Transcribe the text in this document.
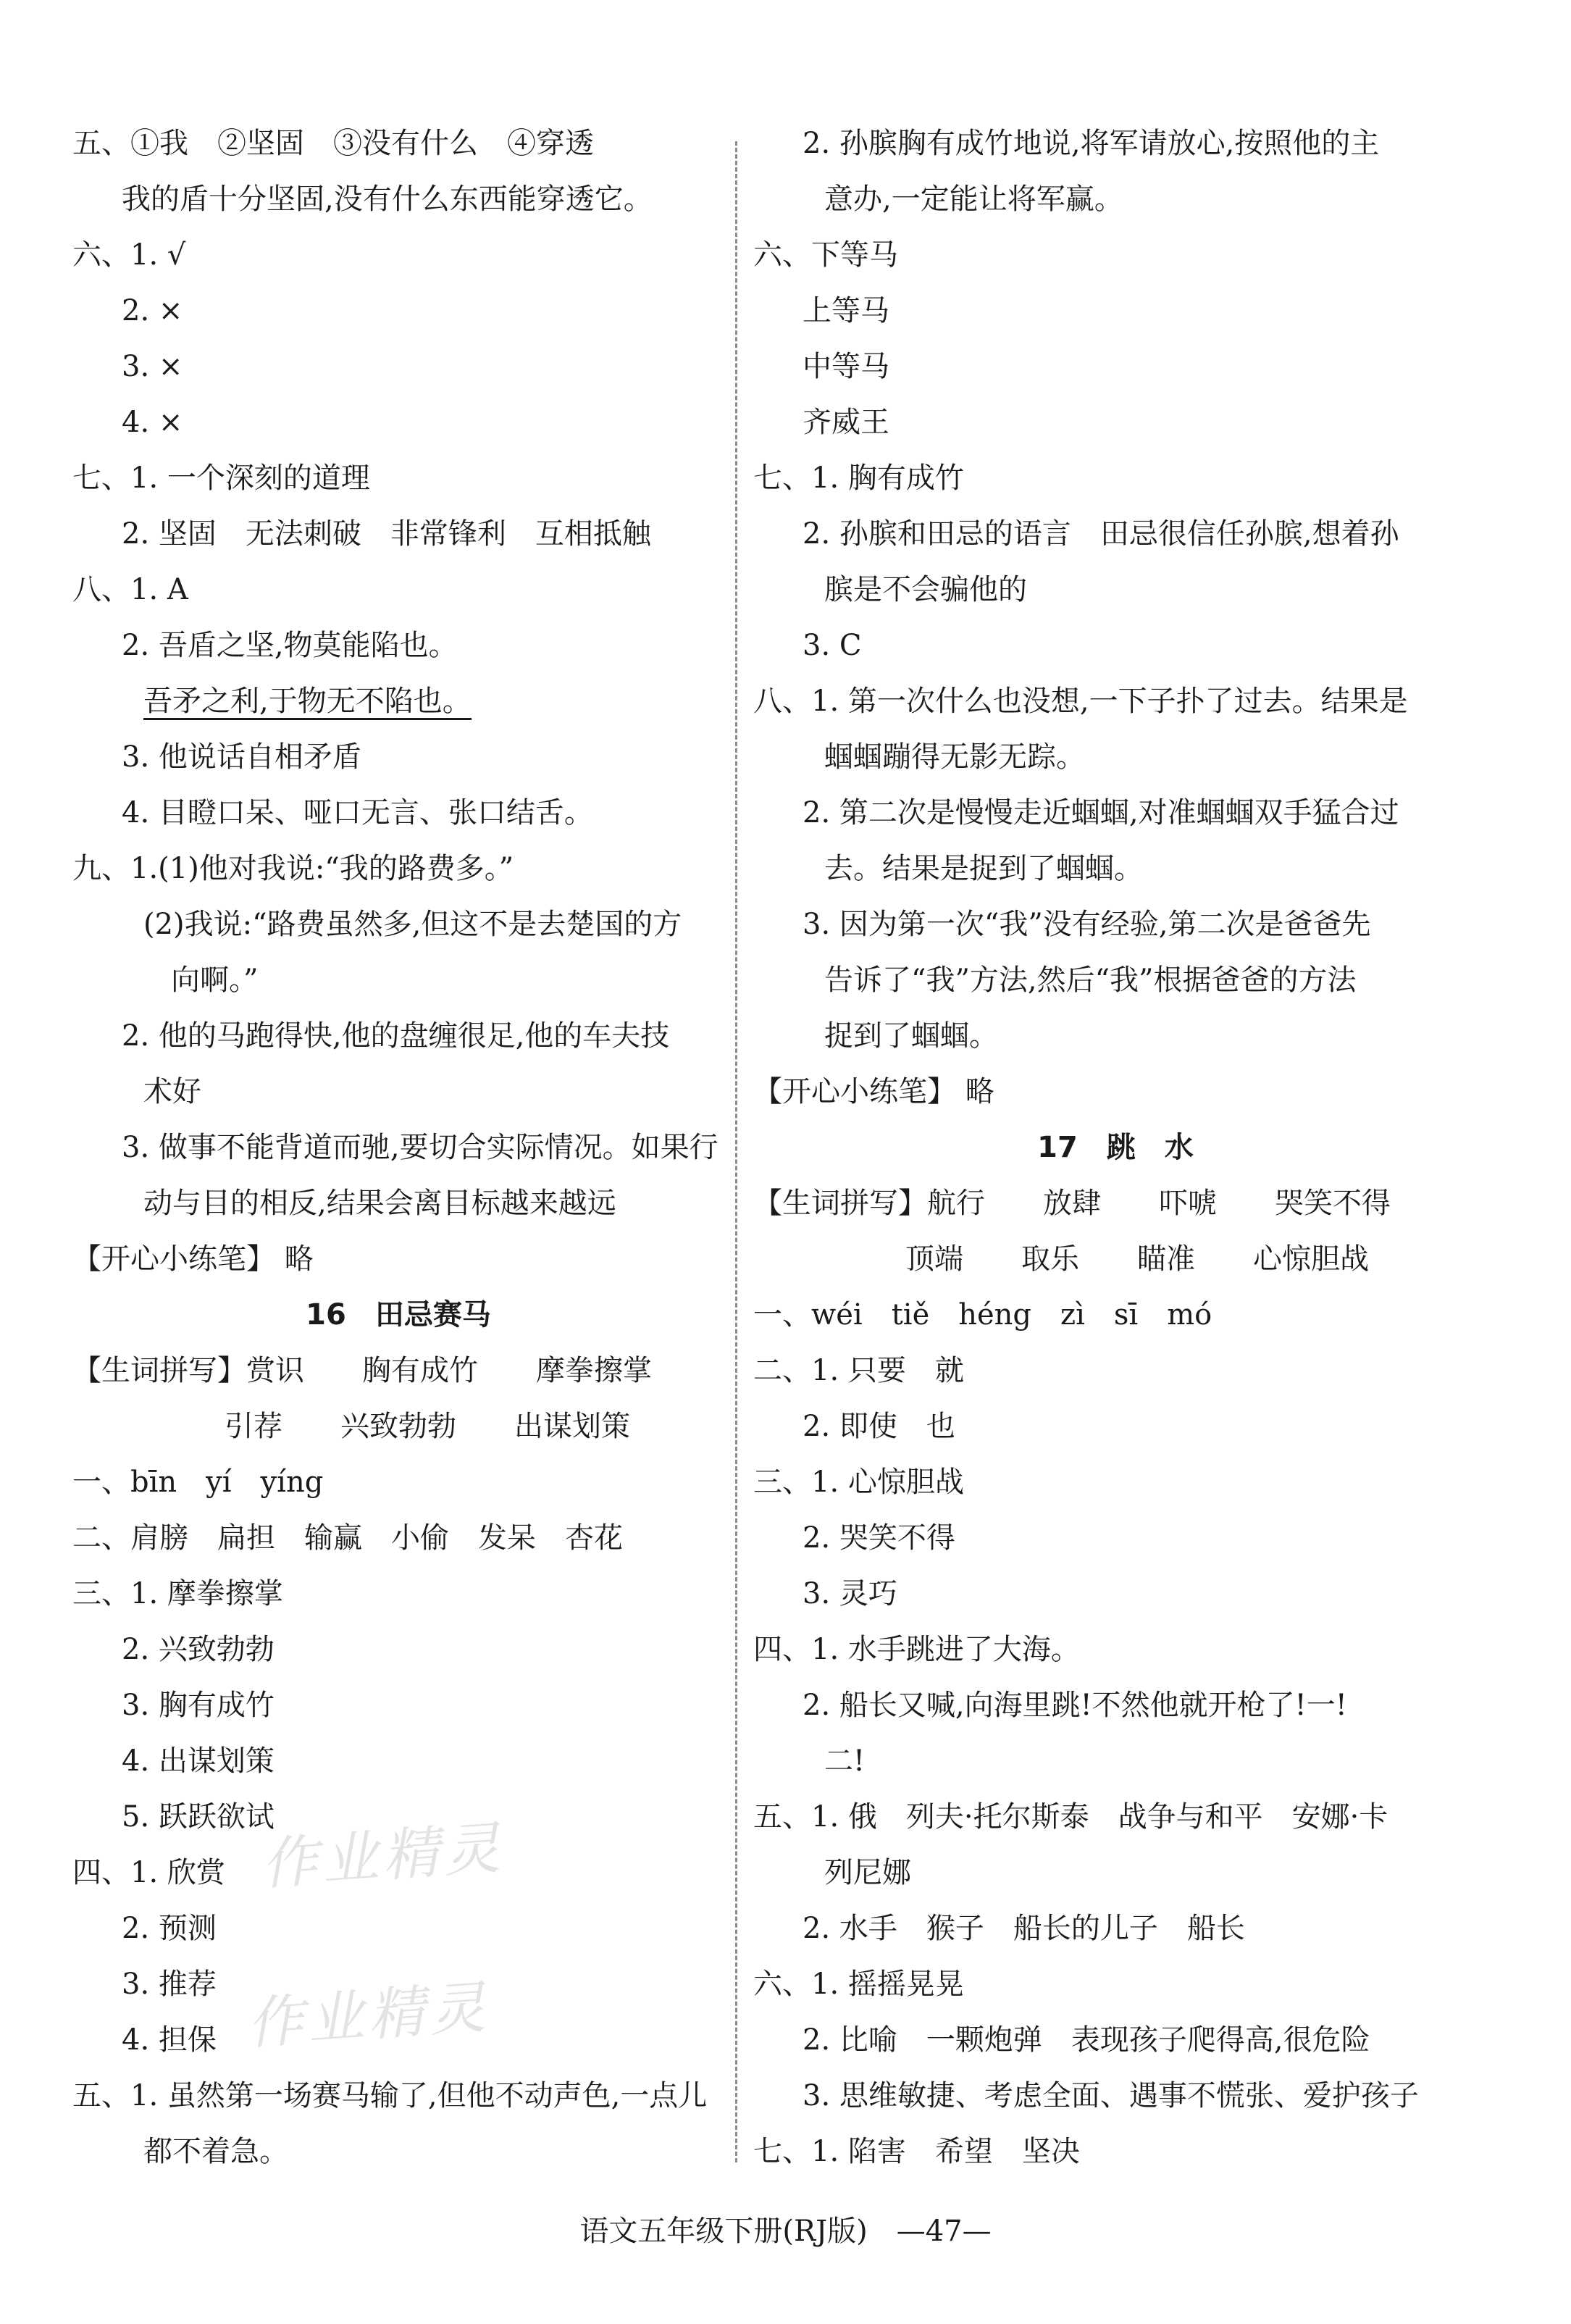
五、①我　②坚固　③没有什么　④穿透
我的盾十分坚固,没有什么东西能穿透它。
六、1. √
2. ×
3. ×
4. ×
七、1. 一个深刻的道理
2. 坚固　无法刺破　非常锋利　互相抵触
八、1. A
2. 吾盾之坚,物莫能陷也。
吾矛之利,于物无不陷也。
3. 他说话自相矛盾
4. 目瞪口呆、哑口无言、张口结舌。
九、1.(1)他对我说:“我的路费多。”
(2)我说:“路费虽然多,但这不是去楚国的方
向啊。”
2. 他的马跑得快,他的盘缠很足,他的车夫技
术好
3. 做事不能背道而驰,要切合实际情况。如果行
动与目的相反,结果会离目标越来越远
【开心小练笔】 略
16　田忌赛马
【生词拼写】赏识　　胸有成竹　　摩拳擦掌
引荐　　兴致勃勃　　出谋划策
一、bīn　yí　yíng
二、肩膀　扁担　输赢　小偷　发呆　杏花
三、1. 摩拳擦掌
2. 兴致勃勃
3. 胸有成竹
4. 出谋划策
5. 跃跃欲试
四、1. 欣赏
2. 预测
3. 推荐
4. 担保
五、1. 虽然第一场赛马输了,但他不动声色,一点儿
都不着急。
2. 孙膑胸有成竹地说,将军请放心,按照他的主
意办,一定能让将军赢。
六、下等马
上等马
中等马
齐威王
七、1. 胸有成竹
2. 孙膑和田忌的语言　田忌很信任孙膑,想着孙
膑是不会骗他的
3. C
八、1. 第一次什么也没想,一下子扑了过去。结果是
蝈蝈蹦得无影无踪。
2. 第二次是慢慢走近蝈蝈,对准蝈蝈双手猛合过
去。结果是捉到了蝈蝈。
3. 因为第一次“我”没有经验,第二次是爸爸先
告诉了“我”方法,然后“我”根据爸爸的方法
捉到了蝈蝈。
【开心小练笔】 略
17　跳　水
【生词拼写】航行　　放肆　　吓唬　　哭笑不得
顶端　　取乐　　瞄准　　心惊胆战
一、wéi　tiě　héng　zì　sī　mó
二、1. 只要　就
2. 即使　也
三、1. 心惊胆战
2. 哭笑不得
3. 灵巧
四、1. 水手跳进了大海。
2. 船长又喊,向海里跳!不然他就开枪了!一!
二!
五、1. 俄　列夫·托尔斯泰　战争与和平　安娜·卡
列尼娜
2. 水手　猴子　船长的儿子　船长
六、1. 摇摇晃晃
2. 比喻　一颗炮弹　表现孩子爬得高,很危险
3. 思维敏捷、考虑全面、遇事不慌张、爱护孩子
七、1. 陷害　希望　坚决
作业精灵
作业精灵
语文五年级下册(RJ版)　—47—
